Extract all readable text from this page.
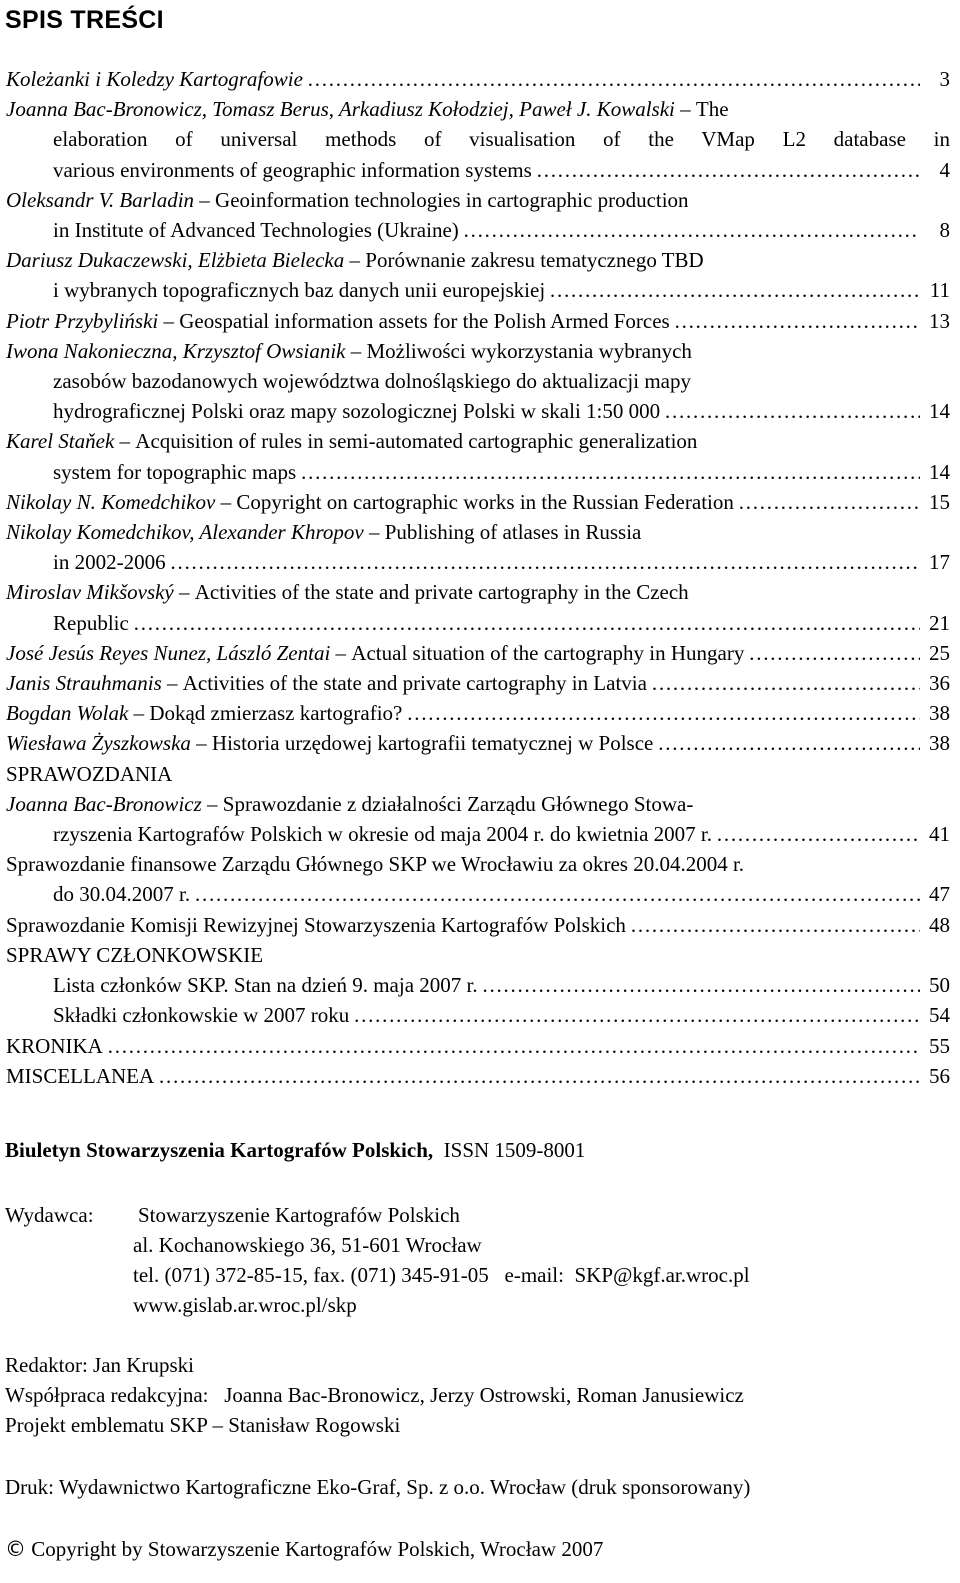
SPIS TREŚCI
Koleżanki i Koledzy Kartografowie ……………………………………………………………………………………………………………………………………………………………………	3
Joanna Bac-Bronowicz, Tomasz Berus, Arkadiusz Kołodziej, Paweł J. Kowalski – The
elaboration of universal methods of visualisation of the VMap L2 database in
various environments of geographic information systems ……………………………………………………………………………………………………………………………………………………………………	4
Oleksandr V. Barladin – Geoinformation technologies in cartographic production
in Institute of Advanced Technologies (Ukraine) ……………………………………………………………………………………………………………………………………………………………………	8
Dariusz Dukaczewski, Elżbieta Bielecka – Porównanie zakresu tematycznego TBD
i wybranych topograficznych baz danych unii europejskiej ……………………………………………………………………………………………………………………………………………………………………	11
Piotr Przybyliński – Geospatial information assets for the Polish Armed Forces ……………………………………………………………………………………………………………………………………………………………………	13
Iwona Nakonieczna, Krzysztof Owsianik – Możliwości wykorzystania wybranych
zasobów bazodanowych województwa dolnośląskiego do aktualizacji mapy
hydrograficznej Polski oraz mapy sozologicznej Polski w skali 1:50 000 ……………………………………………………………………………………………………………………………………………………………………	14
Karel Staňek – Acquisition of rules in semi-automated cartographic generalization
system for topographic maps ……………………………………………………………………………………………………………………………………………………………………	14
Nikolay N. Komedchikov – Copyright on cartographic works in the Russian Federation ……………………………………………………………………………………………………………………………………………………………………	15
Nikolay Komedchikov, Alexander Khropov – Publishing of atlases in Russia
in 2002-2006 ……………………………………………………………………………………………………………………………………………………………………	17
Miroslav Mikšovský – Activities of the state and private cartography in the Czech
Republic ……………………………………………………………………………………………………………………………………………………………………	21
José Jesús Reyes Nunez, László Zentai – Actual situation of the cartography in Hungary ……………………………………………………………………………………………………………………………………………………………………	25
Janis Strauhmanis – Activities of the state and private cartography in Latvia ……………………………………………………………………………………………………………………………………………………………………	36
Bogdan Wolak – Dokąd zmierzasz kartografio? ……………………………………………………………………………………………………………………………………………………………………	38
Wiesława Żyszkowska – Historia urzędowej kartografii tematycznej w Polsce ……………………………………………………………………………………………………………………………………………………………………	38
SPRAWOZDANIA
Joanna Bac-Bronowicz – Sprawozdanie z działalności Zarządu Głównego Stowa-
rzyszenia Kartografów Polskich w okresie od maja 2004 r. do kwietnia 2007 r. ……………………………………………………………………………………………………………………………………………………………………	41
Sprawozdanie finansowe Zarządu Głównego SKP we Wrocławiu za okres 20.04.2004 r.
do 30.04.2007 r. ……………………………………………………………………………………………………………………………………………………………………	47
Sprawozdanie Komisji Rewizyjnej Stowarzyszenia Kartografów Polskich ……………………………………………………………………………………………………………………………………………………………………	48
SPRAWY CZŁONKOWSKIE
Lista członków SKP. Stan na dzień 9. maja 2007 r. ……………………………………………………………………………………………………………………………………………………………………	50
Składki członkowskie w 2007 roku ……………………………………………………………………………………………………………………………………………………………………	54
KRONIKA ……………………………………………………………………………………………………………………………………………………………………	55
MISCELLANEA ……………………………………………………………………………………………………………………………………………………………………	56
Biuletyn Stowarzyszenia Kartografów Polskich, ISSN 1509-8001
Wydawca: Stowarzyszenie Kartografów Polskich
al. Kochanowskiego 36, 51-601 Wrocław
tel. (071) 372-85-15, fax. (071) 345-91-05   e-mail:  SKP@kgf.ar.wroc.pl
www.gislab.ar.wroc.pl/skp
Redaktor: Jan Krupski
Współpraca redakcyjna:   Joanna Bac-Bronowicz, Jerzy Ostrowski, Roman Janusiewicz
Projekt emblematu SKP – Stanisław Rogowski
Druk: Wydawnictwo Kartograficzne Eko-Graf, Sp. z o.o. Wrocław (druk sponsorowany)
© Copyright by Stowarzyszenie Kartografów Polskich, Wrocław 2007
